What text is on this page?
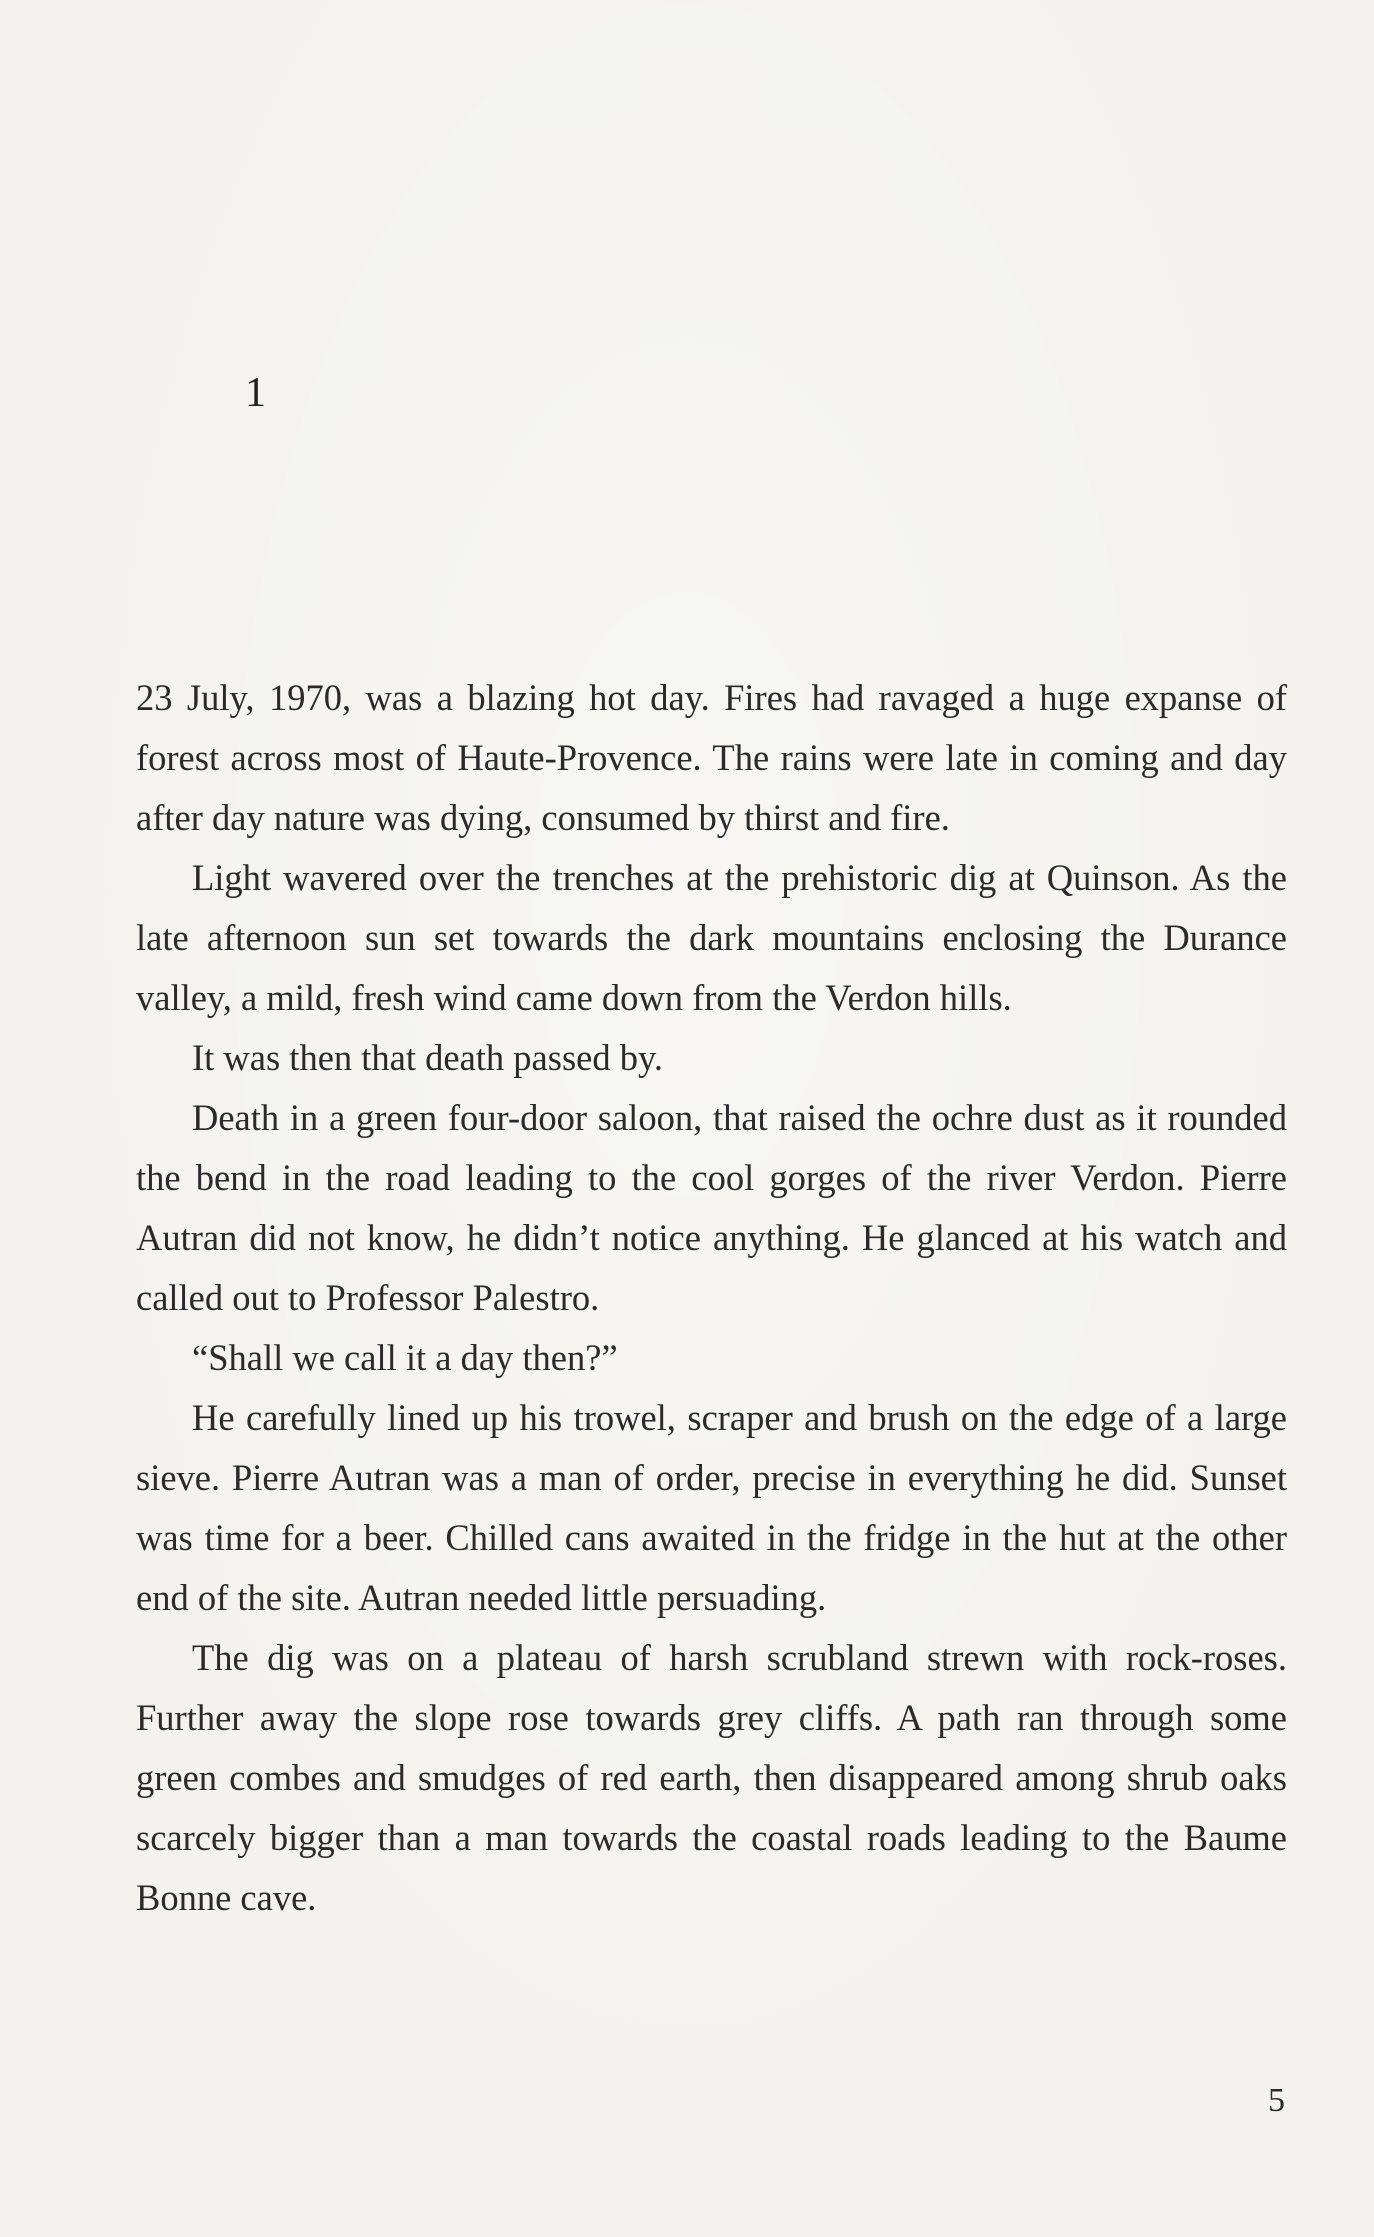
1

23 July, 1970, was a blazing hot day. Fires had ravaged a huge expanse of forest across most of Haute-Provence. The rains were late in coming and day after day nature was dying, consumed by thirst and fire.

Light wavered over the trenches at the prehistoric dig at Quinson. As the late afternoon sun set towards the dark mountains enclosing the Durance valley, a mild, fresh wind came down from the Verdon hills.

It was then that death passed by.

Death in a green four-door saloon, that raised the ochre dust as it rounded the bend in the road leading to the cool gorges of the river Verdon. Pierre Autran did not know, he didn’t notice anything. He glanced at his watch and called out to Professor Palestro.

“Shall we call it a day then?”

He carefully lined up his trowel, scraper and brush on the edge of a large sieve. Pierre Autran was a man of order, precise in everything he did. Sunset was time for a beer. Chilled cans awaited in the fridge in the hut at the other end of the site. Autran needed little persuading.

The dig was on a plateau of harsh scrubland strewn with rock-roses. Further away the slope rose towards grey cliffs. A path ran through some green combes and smudges of red earth, then disappeared among shrub oaks scarcely bigger than a man towards the coastal roads leading to the Baume Bonne cave.

5
